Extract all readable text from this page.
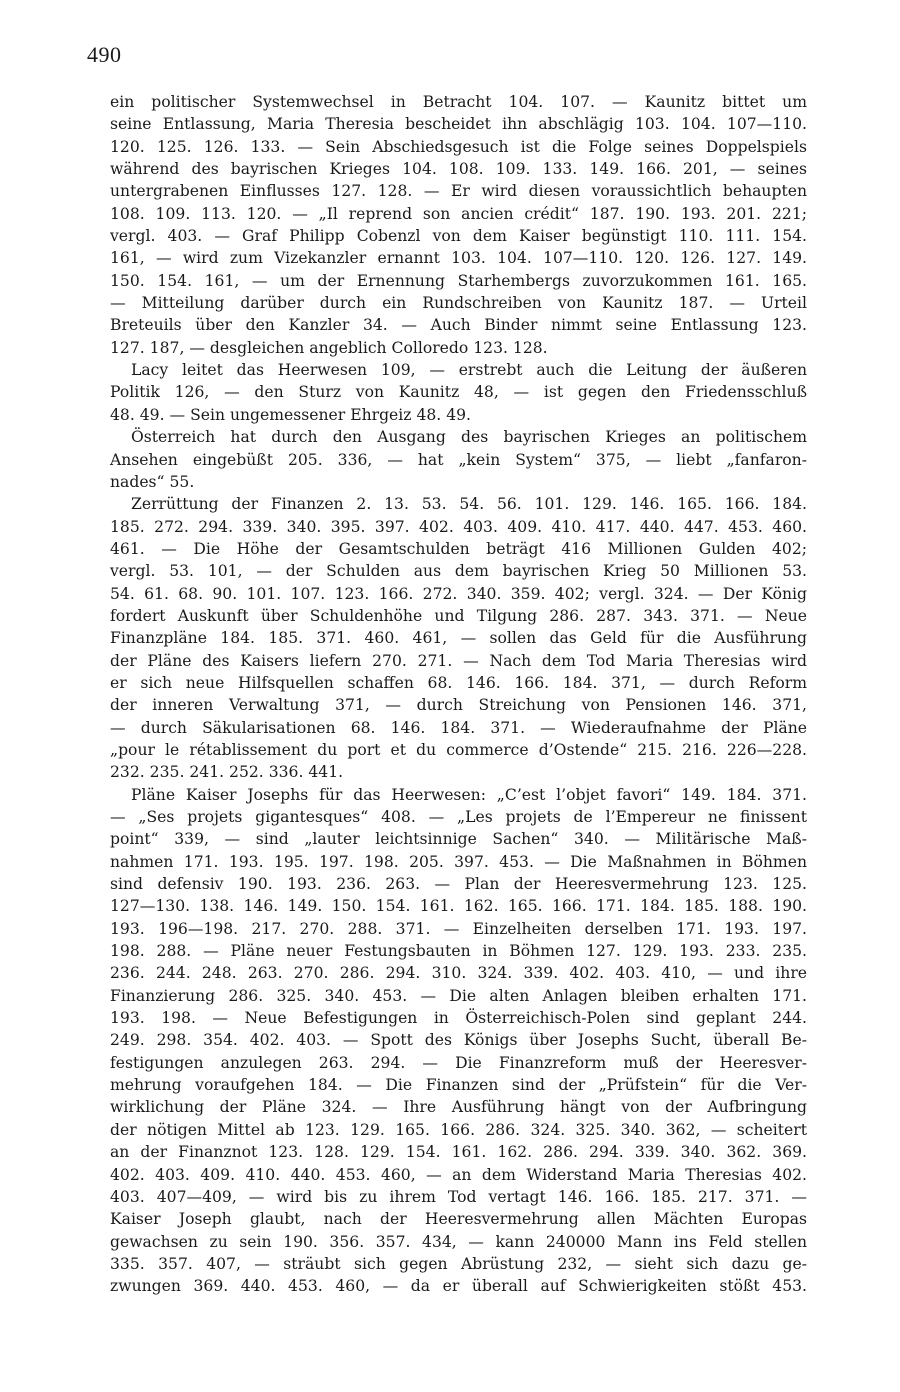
490
ein politischer Systemwechsel in Betracht 104. 107. — Kaunitz bittet um
seine Entlassung, Maria Theresia bescheidet ihn abschlägig 103. 104. 107—110.
120. 125. 126. 133. — Sein Abschiedsgesuch ist die Folge seines Doppelspiels
während des bayrischen Krieges 104. 108. 109. 133. 149. 166. 201, — seines
untergrabenen Einflusses 127. 128. — Er wird diesen voraussichtlich behaupten
108. 109. 113. 120. — „Il reprend son ancien crédit“ 187. 190. 193. 201. 221;
vergl. 403. — Graf Philipp Cobenzl von dem Kaiser begünstigt 110. 111. 154.
161, — wird zum Vizekanzler ernannt 103. 104. 107—110. 120. 126. 127. 149.
150. 154. 161, — um der Ernennung Starhembergs zuvorzukommen 161. 165.
— Mitteilung darüber durch ein Rundschreiben von Kaunitz 187. — Urteil
Breteuils über den Kanzler 34. — Auch Binder nimmt seine Entlassung 123.
127. 187, — desgleichen angeblich Colloredo 123. 128.
Lacy leitet das Heerwesen 109, — erstrebt auch die Leitung der äußeren
Politik 126, — den Sturz von Kaunitz 48, — ist gegen den Friedensschluß
48. 49. — Sein ungemessener Ehrgeiz 48. 49.
Österreich hat durch den Ausgang des bayrischen Krieges an politischem
Ansehen eingebüßt 205. 336, — hat „kein System“ 375, — liebt „fanfaron-
nades“ 55.
Zerrüttung der Finanzen 2. 13. 53. 54. 56. 101. 129. 146. 165. 166. 184.
185. 272. 294. 339. 340. 395. 397. 402. 403. 409. 410. 417. 440. 447. 453. 460.
461. — Die Höhe der Gesamtschulden beträgt 416 Millionen Gulden 402;
vergl. 53. 101, — der Schulden aus dem bayrischen Krieg 50 Millionen 53.
54. 61. 68. 90. 101. 107. 123. 166. 272. 340. 359. 402; vergl. 324. — Der König
fordert Auskunft über Schuldenhöhe und Tilgung 286. 287. 343. 371. — Neue
Finanzpläne 184. 185. 371. 460. 461, — sollen das Geld für die Ausführung
der Pläne des Kaisers liefern 270. 271. — Nach dem Tod Maria Theresias wird
er sich neue Hilfsquellen schaffen 68. 146. 166. 184. 371, — durch Reform
der inneren Verwaltung 371, — durch Streichung von Pensionen 146. 371,
— durch Säkularisationen 68. 146. 184. 371. — Wiederaufnahme der Pläne
„pour le rétablissement du port et du commerce d’Ostende“ 215. 216. 226—228.
232. 235. 241. 252. 336. 441.
Pläne Kaiser Josephs für das Heerwesen: „C’est l’objet favori“ 149. 184. 371.
— „Ses projets gigantesques“ 408. — „Les projets de l’Empereur ne finissent
point“ 339, — sind „lauter leichtsinnige Sachen“ 340. — Militärische Maß-
nahmen 171. 193. 195. 197. 198. 205. 397. 453. — Die Maßnahmen in Böhmen
sind defensiv 190. 193. 236. 263. — Plan der Heeresvermehrung 123. 125.
127—130. 138. 146. 149. 150. 154. 161. 162. 165. 166. 171. 184. 185. 188. 190.
193. 196—198. 217. 270. 288. 371. — Einzelheiten derselben 171. 193. 197.
198. 288. — Pläne neuer Festungsbauten in Böhmen 127. 129. 193. 233. 235.
236. 244. 248. 263. 270. 286. 294. 310. 324. 339. 402. 403. 410, — und ihre
Finanzierung 286. 325. 340. 453. — Die alten Anlagen bleiben erhalten 171.
193. 198. — Neue Befestigungen in Österreichisch-Polen sind geplant 244.
249. 298. 354. 402. 403. — Spott des Königs über Josephs Sucht, überall Be-
festigungen anzulegen 263. 294. — Die Finanzreform muß der Heeresver-
mehrung voraufgehen 184. — Die Finanzen sind der „Prüfstein“ für die Ver-
wirklichung der Pläne 324. — Ihre Ausführung hängt von der Aufbringung
der nötigen Mittel ab 123. 129. 165. 166. 286. 324. 325. 340. 362, — scheitert
an der Finanznot 123. 128. 129. 154. 161. 162. 286. 294. 339. 340. 362. 369.
402. 403. 409. 410. 440. 453. 460, — an dem Widerstand Maria Theresias 402.
403. 407—409, — wird bis zu ihrem Tod vertagt 146. 166. 185. 217. 371. —
Kaiser Joseph glaubt, nach der Heeresvermehrung allen Mächten Europas
gewachsen zu sein 190. 356. 357. 434, — kann 240000 Mann ins Feld stellen
335. 357. 407, — sträubt sich gegen Abrüstung 232, — sieht sich dazu ge-
zwungen 369. 440. 453. 460, — da er überall auf Schwierigkeiten stößt 453.
